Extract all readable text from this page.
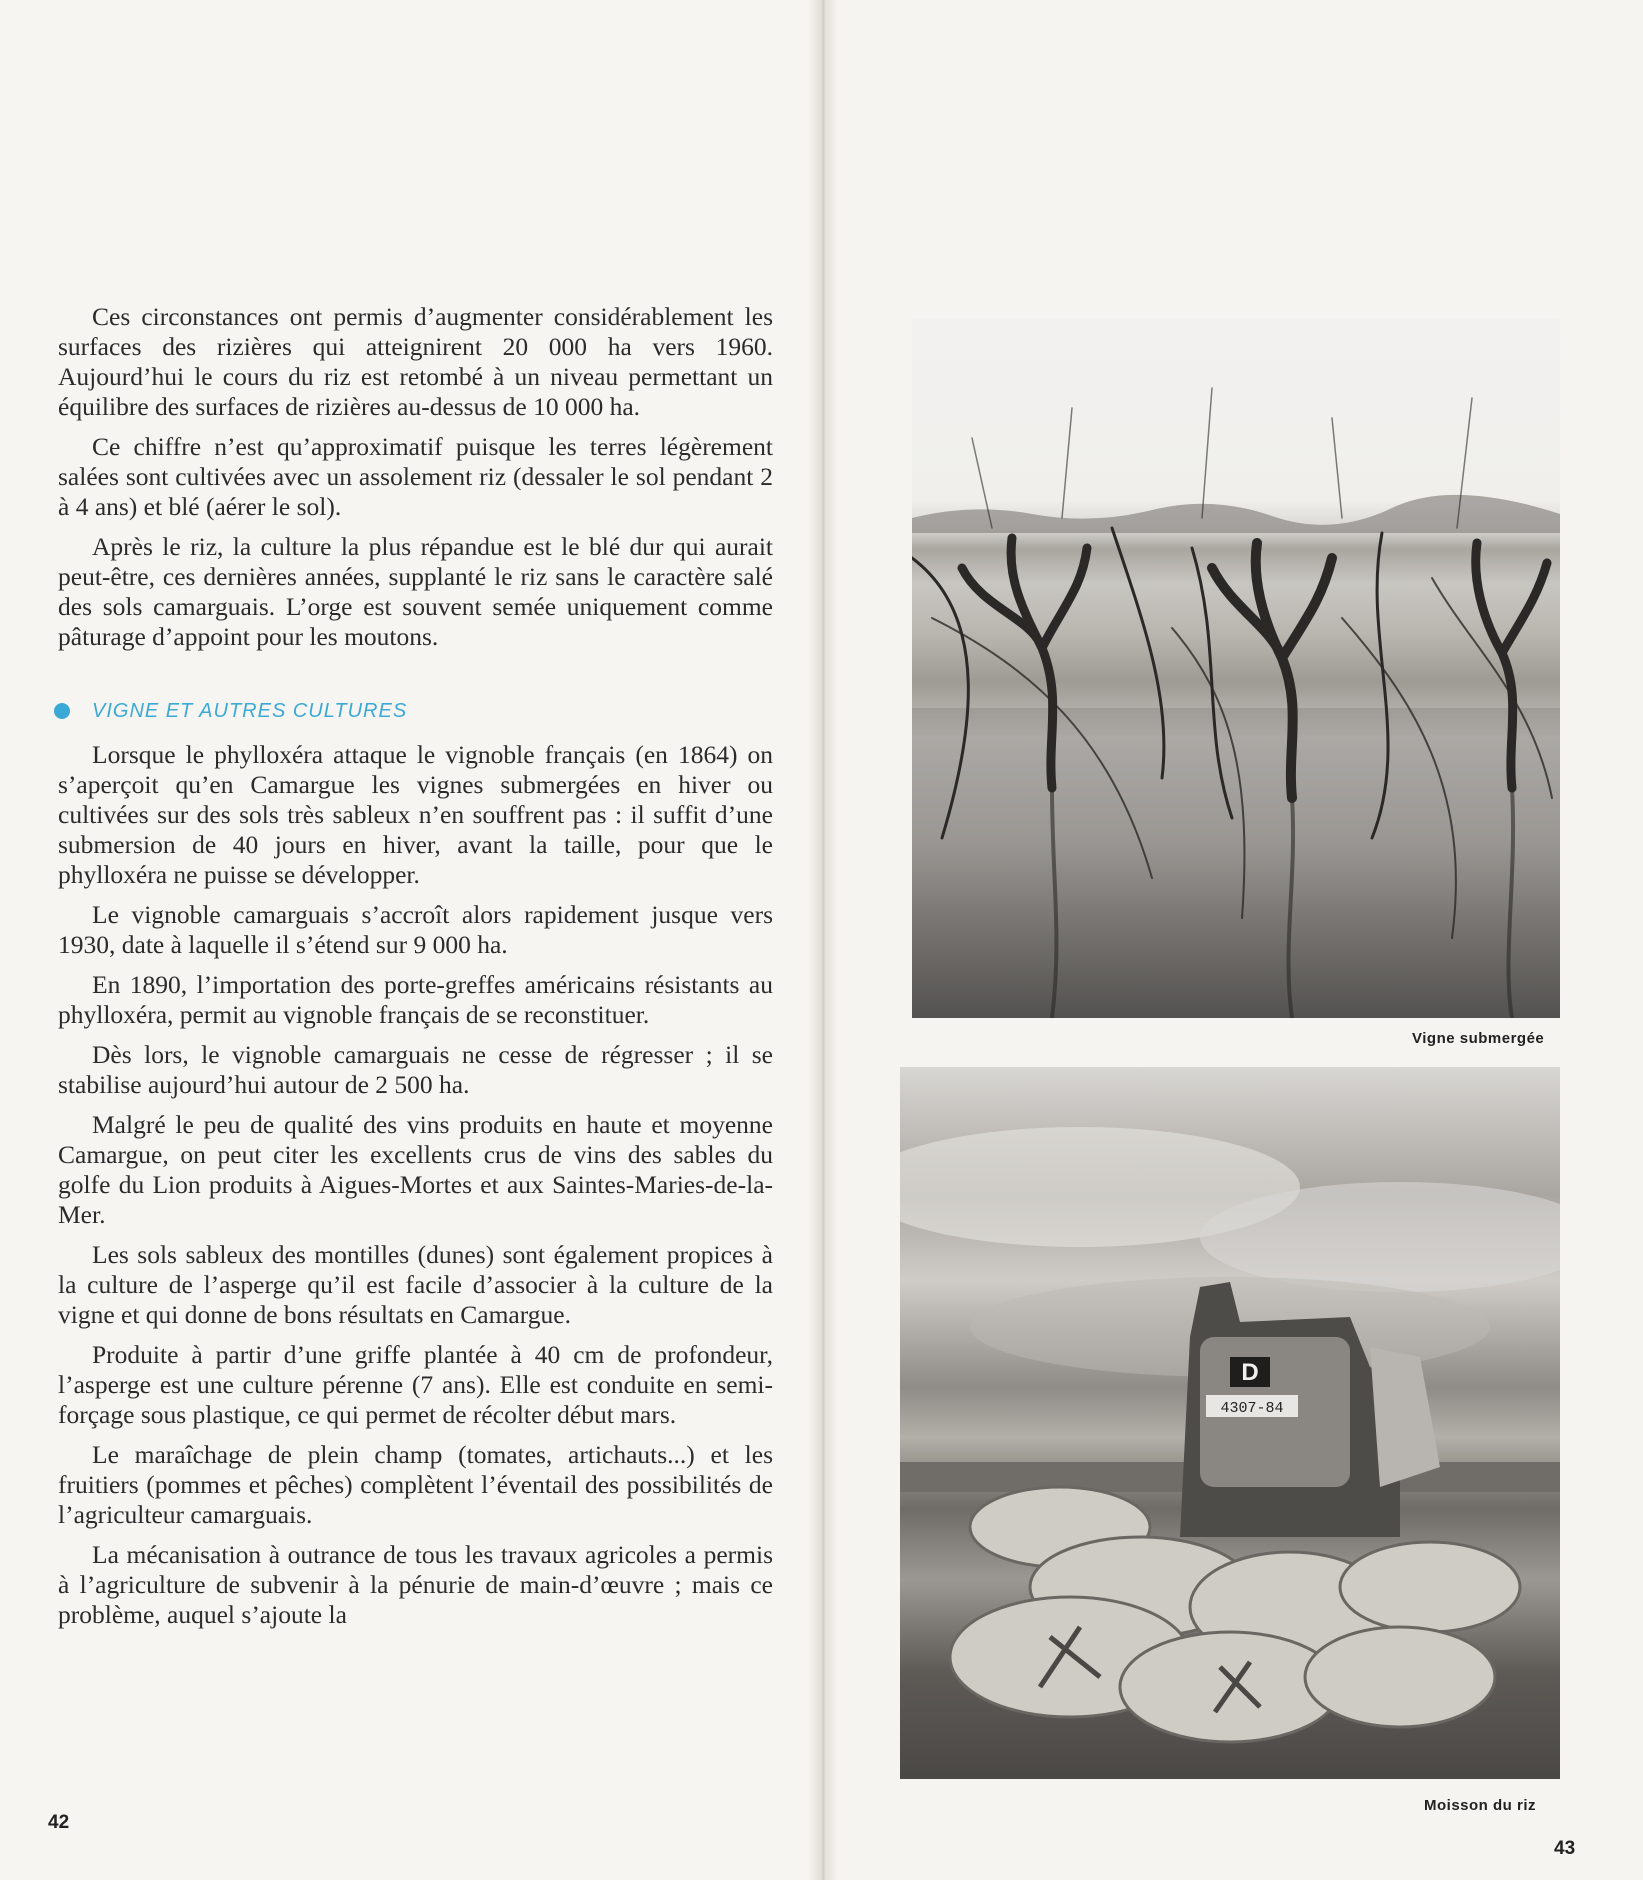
Ces circonstances ont permis d’augmenter considérablement les surfaces des rizières qui atteignirent 20 000 ha vers 1960. Aujourd’hui le cours du riz est retombé à un niveau permettant un équilibre des surfaces de rizières au-dessus de 10 000 ha.

Ce chiffre n’est qu’approximatif puisque les terres légèrement salées sont cultivées avec un assolement riz (dessaler le sol pendant 2 à 4 ans) et blé (aérer le sol).

Après le riz, la culture la plus répandue est le blé dur qui aurait peut-être, ces dernières années, supplanté le riz sans le caractère salé des sols camarguais. L’orge est souvent semée uniquement comme pâturage d’appoint pour les moutons.

VIGNE ET AUTRES CULTURES

Lorsque le phylloxéra attaque le vignoble français (en 1864) on s’aperçoit qu’en Camargue les vignes submergées en hiver ou cultivées sur des sols très sableux n’en souffrent pas : il suffit d’une submersion de 40 jours en hiver, avant la taille, pour que le phylloxéra ne puisse se développer.

Le vignoble camarguais s’accroît alors rapidement jusque vers 1930, date à laquelle il s’étend sur 9 000 ha.

En 1890, l’importation des porte-greffes américains résistants au phylloxéra, permit au vignoble français de se reconstituer.

Dès lors, le vignoble camarguais ne cesse de régresser ; il se stabilise aujourd’hui autour de 2 500 ha.

Malgré le peu de qualité des vins produits en haute et moyenne Camargue, on peut citer les excellents crus de vins des sables du golfe du Lion produits à Aigues-Mortes et aux Saintes-Maries-de-la-Mer.

Les sols sableux des montilles (dunes) sont également propices à la culture de l’asperge qu’il est facile d’associer à la culture de la vigne et qui donne de bons résultats en Camargue.

Produite à partir d’une griffe plantée à 40 cm de profondeur, l’asperge est une culture pérenne (7 ans). Elle est conduite en semi-forçage sous plastique, ce qui permet de récolter début mars.

Le maraîchage de plein champ (tomates, artichauts...) et les fruitiers (pommes et pêches) complètent l’éventail des possibilités de l’agriculteur camarguais.

La mécanisation à outrance de tous les travaux agricoles a permis à l’agriculture de subvenir à la pénurie de main-d’œuvre ; mais ce problème, auquel s’ajoute la

42
Vigne submergée
D
4307-84
Moisson du riz
43
